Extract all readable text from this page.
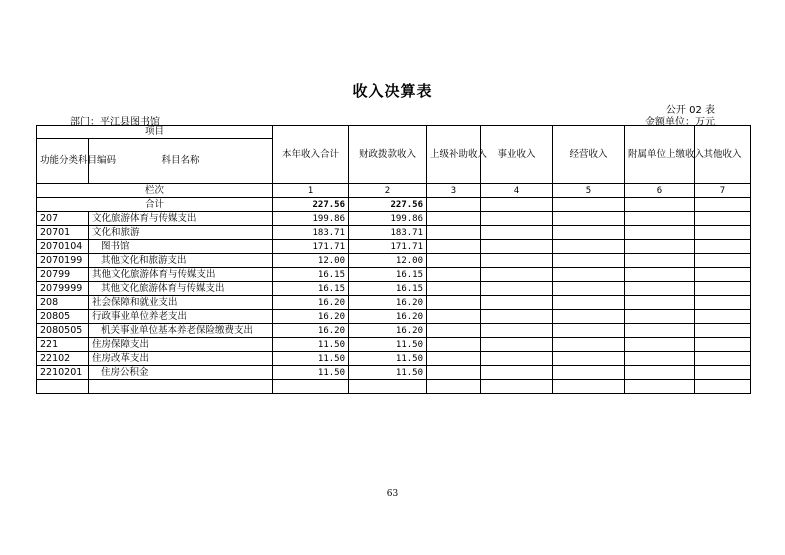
收入决算表
公开 02 表
部门：平江县图书馆	金额单位：万元
项目		本年收入合计	财政拨款收入	上级补助收入	事业收入	经营收入	附属单位上缴收入	其他收入
功能分类科目编码	科目名称							
栏次		1	2	3	4	5	6	7
合计		227.56	227.56					
207	文化旅游体育与传媒支出	199.86	199.86					
20701	文化和旅游	183.71	183.71					
2070104	图书馆	171.71	171.71					
2070199	其他文化和旅游支出	12.00	12.00					
20799	其他文化旅游体育与传媒支出	16.15	16.15					
2079999	其他文化旅游体育与传媒支出	16.15	16.15					
208	社会保障和就业支出	16.20	16.20					
20805	行政事业单位养老支出	16.20	16.20					
2080505	机关事业单位基本养老保险缴费支出	16.20	16.20					
221	住房保障支出	11.50	11.50					
22102	住房改革支出	11.50	11.50					
2210201	住房公积金	11.50	11.50					

63
